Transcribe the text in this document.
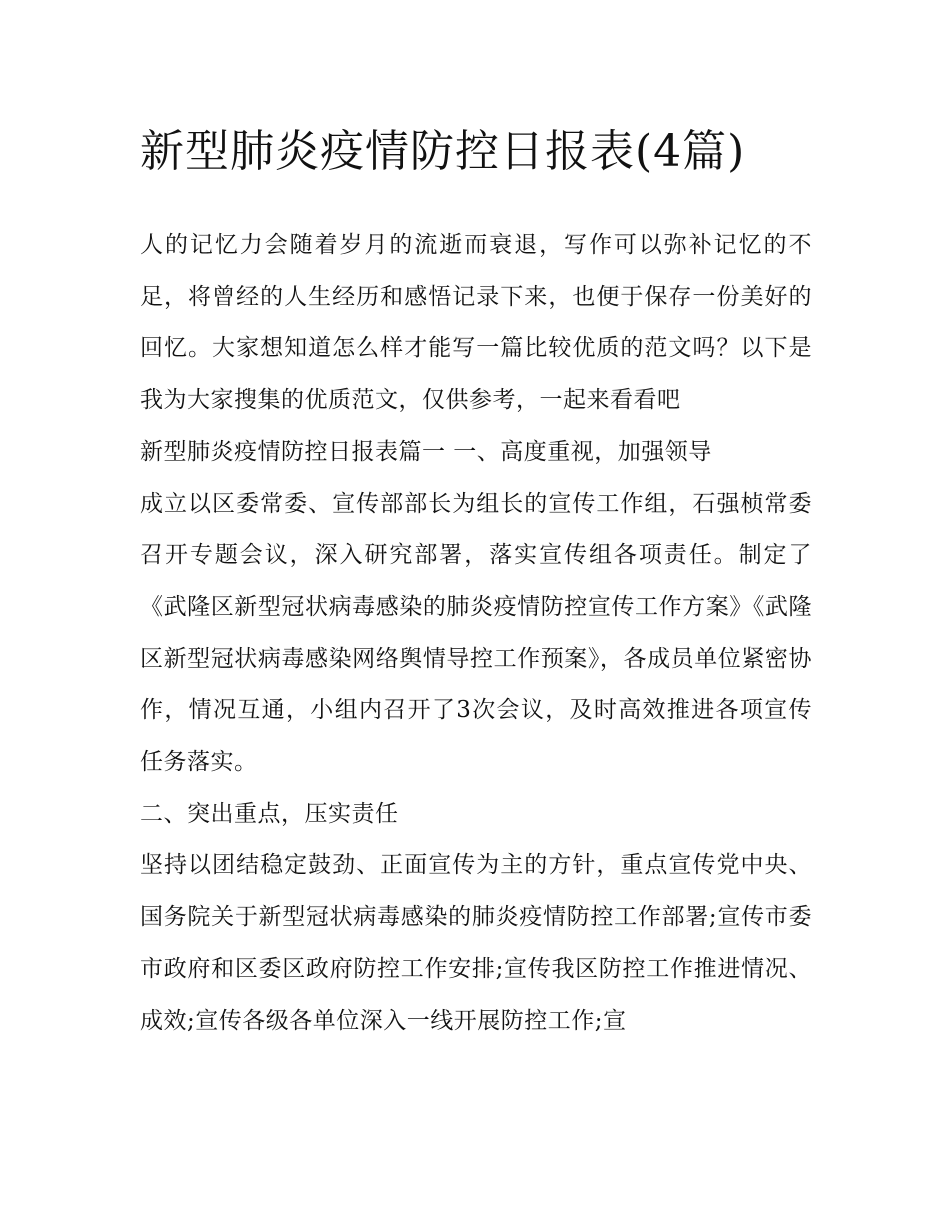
新型肺炎疫情防控日报表(4篇)

人的记忆力会随着岁月的流逝而衰退，写作可以弥补记忆的不足，将曾经的人生经历和感悟记录下来，也便于保存一份美好的回忆。大家想知道怎么样才能写一篇比较优质的范文吗？以下是我为大家搜集的优质范文，仅供参考，一起来看看吧

新型肺炎疫情防控日报表篇一 一、高度重视，加强领导

成立以区委常委、宣传部部长为组长的宣传工作组，石强桢常委召开专题会议，深入研究部署，落实宣传组各项责任。制定了《武隆区新型冠状病毒感染的肺炎疫情防控宣传工作方案》《武隆区新型冠状病毒感染网络舆情导控工作预案》，各成员单位紧密协作，情况互通，小组内召开了3次会议，及时高效推进各项宣传任务落实。

二、突出重点，压实责任

坚持以团结稳定鼓劲、正面宣传为主的方针，重点宣传党中央、国务院关于新型冠状病毒感染的肺炎疫情防控工作部署;宣传市委市政府和区委区政府防控工作安排;宣传我区防控工作推进情况、成效;宣传各级各单位深入一线开展防控工作;宣
